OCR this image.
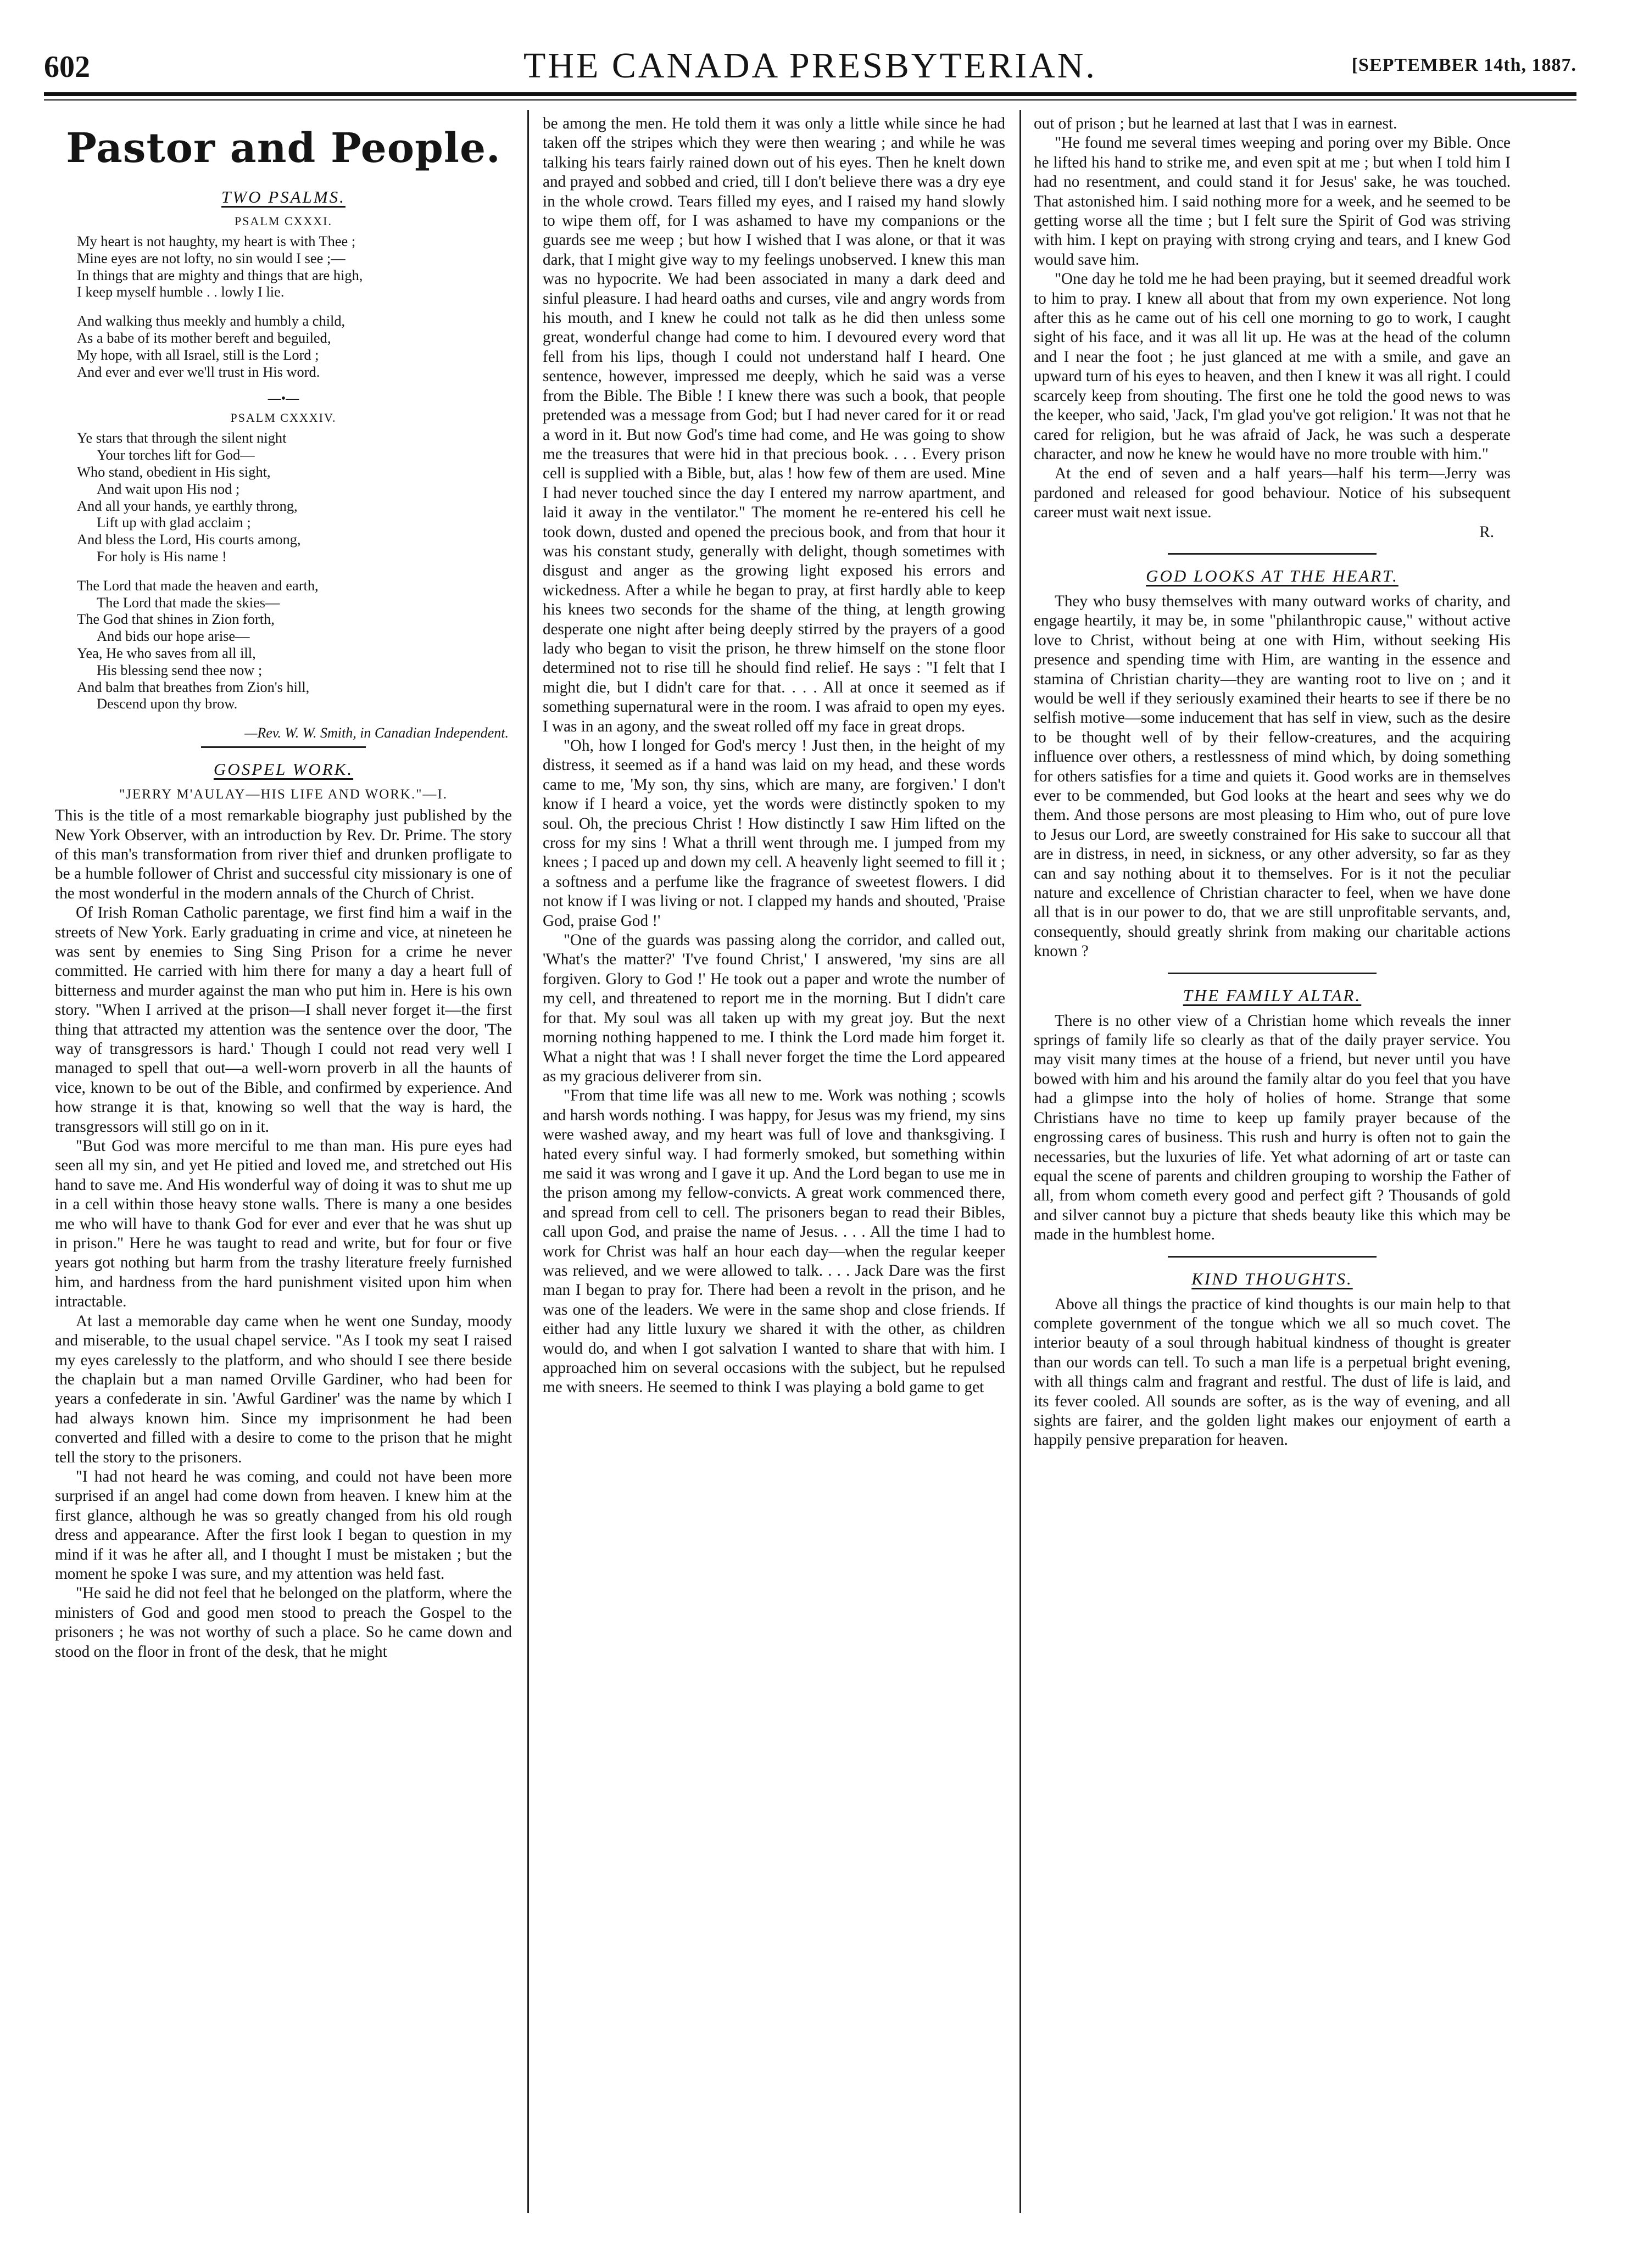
602	THE CANADA PRESBYTERIAN.	[SEPTEMBER 14th, 1887.
Pastor and People.
TWO PSALMS.
PSALM CXXXI.
My heart is not haughty, my heart is with Thee ;
Mine eyes are not lofty, no sin would I see ;—
In things that are mighty and things that are high,
I keep myself humble . . lowly I lie.
And walking thus meekly and humbly a child,
As a babe of its mother bereft and beguiled,
My hope, with all Israel, still is the Lord ;
And ever and ever we'll trust in His word.
—•—
PSALM CXXXIV.
Ye stars that through the silent night
Your torches lift for God—
Who stand, obedient in His sight,
And wait upon His nod ;
And all your hands, ye earthly throng,
Lift up with glad acclaim ;
And bless the Lord, His courts among,
For holy is His name !
The Lord that made the heaven and earth,
The Lord that made the skies—
The God that shines in Zion forth,
And bids our hope arise—
Yea, He who saves from all ill,
His blessing send thee now ;
And balm that breathes from Zion's hill,
Descend upon thy brow.
—Rev. W. W. Smith, in Canadian Independent.
GOSPEL WORK.
"JERRY M'AULAY—HIS LIFE AND WORK."—I.

This is the title of a most remarkable biography just published by the New York Observer, with an introduction by Rev. Dr. Prime. The story of this man's transformation from river thief and drunken profligate to be a humble follower of Christ and successful city missionary is one of the most wonderful in the modern annals of the Church of Christ.

Of Irish Roman Catholic parentage, we first find him a waif in the streets of New York. Early graduating in crime and vice, at nineteen he was sent by enemies to Sing Sing Prison for a crime he never committed. He carried with him there for many a day a heart full of bitterness and murder against the man who put him in. Here is his own story. "When I arrived at the prison—I shall never forget it—the first thing that attracted my attention was the sentence over the door, 'The way of transgressors is hard.' Though I could not read very well I managed to spell that out—a well-worn proverb in all the haunts of vice, known to be out of the Bible, and confirmed by experience. And how strange it is that, knowing so well that the way is hard, the transgressors will still go on in it.

"But God was more merciful to me than man. His pure eyes had seen all my sin, and yet He pitied and loved me, and stretched out His hand to save me. And His wonderful way of doing it was to shut me up in a cell within those heavy stone walls. There is many a one besides me who will have to thank God for ever and ever that he was shut up in prison." Here he was taught to read and write, but for four or five years got nothing but harm from the trashy literature freely furnished him, and hardness from the hard punishment visited upon him when intractable.

At last a memorable day came when he went one Sunday, moody and miserable, to the usual chapel service. "As I took my seat I raised my eyes carelessly to the platform, and who should I see there beside the chaplain but a man named Orville Gardiner, who had been for years a confederate in sin. 'Awful Gardiner' was the name by which I had always known him. Since my imprisonment he had been converted and filled with a desire to come to the prison that he might tell the story to the prisoners.

"I had not heard he was coming, and could not have been more surprised if an angel had come down from heaven. I knew him at the first glance, although he was so greatly changed from his old rough dress and appearance. After the first look I began to question in my mind if it was he after all, and I thought I must be mistaken ; but the moment he spoke I was sure, and my attention was held fast.

"He said he did not feel that he belonged on the platform, where the ministers of God and good men stood to preach the Gospel to the prisoners ; he was not worthy of such a place. So he came down and stood on the floor in front of the desk, that he might

be among the men. He told them it was only a little while since he had taken off the stripes which they were then wearing ; and while he was talking his tears fairly rained down out of his eyes. Then he knelt down and prayed and sobbed and cried, till I don't believe there was a dry eye in the whole crowd. Tears filled my eyes, and I raised my hand slowly to wipe them off, for I was ashamed to have my companions or the guards see me weep ; but how I wished that I was alone, or that it was dark, that I might give way to my feelings unobserved. I knew this man was no hypocrite. We had been associated in many a dark deed and sinful pleasure. I had heard oaths and curses, vile and angry words from his mouth, and I knew he could not talk as he did then unless some great, wonderful change had come to him. I devoured every word that fell from his lips, though I could not understand half I heard. One sentence, however, impressed me deeply, which he said was a verse from the Bible. The Bible ! I knew there was such a book, that people pretended was a message from God; but I had never cared for it or read a word in it. But now God's time had come, and He was going to show me the treasures that were hid in that precious book. . . . Every prison cell is supplied with a Bible, but, alas ! how few of them are used. Mine I had never touched since the day I entered my narrow apartment, and laid it away in the ventilator." The moment he re-entered his cell he took down, dusted and opened the precious book, and from that hour it was his constant study, generally with delight, though sometimes with disgust and anger as the growing light exposed his errors and wickedness. After a while he began to pray, at first hardly able to keep his knees two seconds for the shame of the thing, at length growing desperate one night after being deeply stirred by the prayers of a good lady who began to visit the prison, he threw himself on the stone floor determined not to rise till he should find relief. He says : "I felt that I might die, but I didn't care for that. . . . All at once it seemed as if something supernatural were in the room. I was afraid to open my eyes. I was in an agony, and the sweat rolled off my face in great drops.

"Oh, how I longed for God's mercy ! Just then, in the height of my distress, it seemed as if a hand was laid on my head, and these words came to me, 'My son, thy sins, which are many, are forgiven.' I don't know if I heard a voice, yet the words were distinctly spoken to my soul. Oh, the precious Christ ! How distinctly I saw Him lifted on the cross for my sins ! What a thrill went through me. I jumped from my knees ; I paced up and down my cell. A heavenly light seemed to fill it ; a softness and a perfume like the fragrance of sweetest flowers. I did not know if I was living or not. I clapped my hands and shouted, 'Praise God, praise God !'

"One of the guards was passing along the corridor, and called out, 'What's the matter?' 'I've found Christ,' I answered, 'my sins are all forgiven. Glory to God !' He took out a paper and wrote the number of my cell, and threatened to report me in the morning. But I didn't care for that. My soul was all taken up with my great joy. But the next morning nothing happened to me. I think the Lord made him forget it. What a night that was ! I shall never forget the time the Lord appeared as my gracious deliverer from sin.

"From that time life was all new to me. Work was nothing ; scowls and harsh words nothing. I was happy, for Jesus was my friend, my sins were washed away, and my heart was full of love and thanksgiving. I hated every sinful way. I had formerly smoked, but something within me said it was wrong and I gave it up. And the Lord began to use me in the prison among my fellow-convicts. A great work commenced there, and spread from cell to cell. The prisoners began to read their Bibles, call upon God, and praise the name of Jesus. . . . All the time I had to work for Christ was half an hour each day—when the regular keeper was relieved, and we were allowed to talk. . . . Jack Dare was the first man I began to pray for. There had been a revolt in the prison, and he was one of the leaders. We were in the same shop and close friends. If either had any little luxury we shared it with the other, as children would do, and when I got salvation I wanted to share that with him. I approached him on several occasions with the subject, but he repulsed me with sneers. He seemed to think I was playing a bold game to get

out of prison ; but he learned at last that I was in earnest.

"He found me several times weeping and poring over my Bible. Once he lifted his hand to strike me, and even spit at me ; but when I told him I had no resentment, and could stand it for Jesus' sake, he was touched. That astonished him. I said nothing more for a week, and he seemed to be getting worse all the time ; but I felt sure the Spirit of God was striving with him. I kept on praying with strong crying and tears, and I knew God would save him.

"One day he told me he had been praying, but it seemed dreadful work to him to pray. I knew all about that from my own experience. Not long after this as he came out of his cell one morning to go to work, I caught sight of his face, and it was all lit up. He was at the head of the column and I near the foot ; he just glanced at me with a smile, and gave an upward turn of his eyes to heaven, and then I knew it was all right. I could scarcely keep from shouting. The first one he told the good news to was the keeper, who said, 'Jack, I'm glad you've got religion.' It was not that he cared for religion, but he was afraid of Jack, he was such a desperate character, and now he knew he would have no more trouble with him."

At the end of seven and a half years—half his term—Jerry was pardoned and released for good behaviour. Notice of his subsequent career must wait next issue.

R.
GOD LOOKS AT THE HEART.

They who busy themselves with many outward works of charity, and engage heartily, it may be, in some "philanthropic cause," without active love to Christ, without being at one with Him, without seeking His presence and spending time with Him, are wanting in the essence and stamina of Christian charity—they are wanting root to live on ; and it would be well if they seriously examined their hearts to see if there be no selfish motive—some inducement that has self in view, such as the desire to be thought well of by their fellow-creatures, and the acquiring influence over others, a restlessness of mind which, by doing something for others satisfies for a time and quiets it. Good works are in themselves ever to be commended, but God looks at the heart and sees why we do them. And those persons are most pleasing to Him who, out of pure love to Jesus our Lord, are sweetly constrained for His sake to succour all that are in distress, in need, in sickness, or any other adversity, so far as they can and say nothing about it to themselves. For is it not the peculiar nature and excellence of Christian character to feel, when we have done all that is in our power to do, that we are still unprofitable servants, and, consequently, should greatly shrink from making our charitable actions known ?

THE FAMILY ALTAR.

There is no other view of a Christian home which reveals the inner springs of family life so clearly as that of the daily prayer service. You may visit many times at the house of a friend, but never until you have bowed with him and his around the family altar do you feel that you have had a glimpse into the holy of holies of home. Strange that some Christians have no time to keep up family prayer because of the engrossing cares of business. This rush and hurry is often not to gain the necessaries, but the luxuries of life. Yet what adorning of art or taste can equal the scene of parents and children grouping to worship the Father of all, from whom cometh every good and perfect gift ? Thousands of gold and silver cannot buy a picture that sheds beauty like this which may be made in the humblest home.

KIND THOUGHTS.

Above all things the practice of kind thoughts is our main help to that complete government of the tongue which we all so much covet. The interior beauty of a soul through habitual kindness of thought is greater than our words can tell. To such a man life is a perpetual bright evening, with all things calm and fragrant and restful. The dust of life is laid, and its fever cooled. All sounds are softer, as is the way of evening, and all sights are fairer, and the golden light makes our enjoyment of earth a happily pensive preparation for heaven.
